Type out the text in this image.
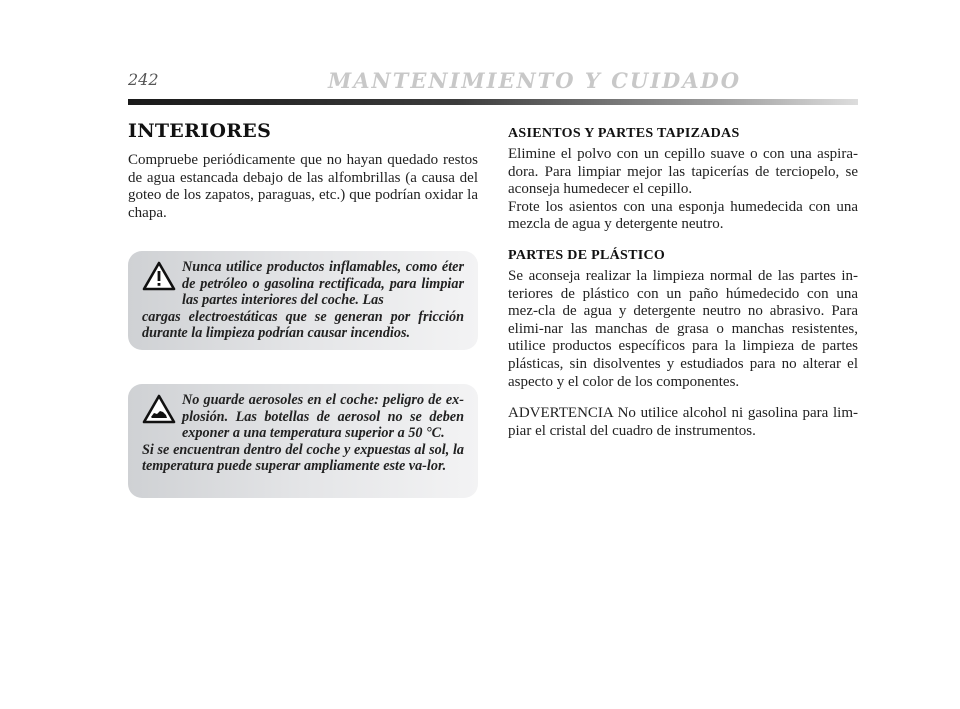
242	MANTENIMIENTO Y CUIDADO
INTERIORES

Compruebe periódicamente que no hayan quedado restos de agua estancada debajo de las alfombrillas (a causa del goteo de los zapatos, paraguas, etc.) que podrían oxidar la chapa.

Nunca utilice productos inflamables, como éter de petróleo o gasolina rectificada, para limpiar las partes interiores del coche. Las
cargas electroestáticas que se generan por fricción durante la limpieza podrían causar incendios.

No guarde aerosoles en el coche: peligro de ex-plosión. Las botellas de aerosol no se deben exponer a una temperatura superior a 50 °C.
Si se encuentran dentro del coche y expuestas al sol, la temperatura puede superar ampliamente este va-lor.

ASIENTOS Y PARTES TAPIZADAS

Elimine el polvo con un cepillo suave o con una aspira-dora. Para limpiar mejor las tapicerías de terciopelo, se aconseja humedecer el cepillo.

Frote los asientos con una esponja humedecida con una mezcla de agua y detergente neutro.

PARTES DE PLÁSTICO

Se aconseja realizar la limpieza normal de las partes in-teriores de plástico con un paño húmedecido con una mez-cla de agua y detergente neutro no abrasivo. Para elimi-nar las manchas de grasa o manchas resistentes, utilice productos específicos para la limpieza de partes plásticas, sin disolventes y estudiados para no alterar el aspecto y el color de los componentes.

ADVERTENCIA No utilice alcohol ni gasolina para lim-piar el cristal del cuadro de instrumentos.
